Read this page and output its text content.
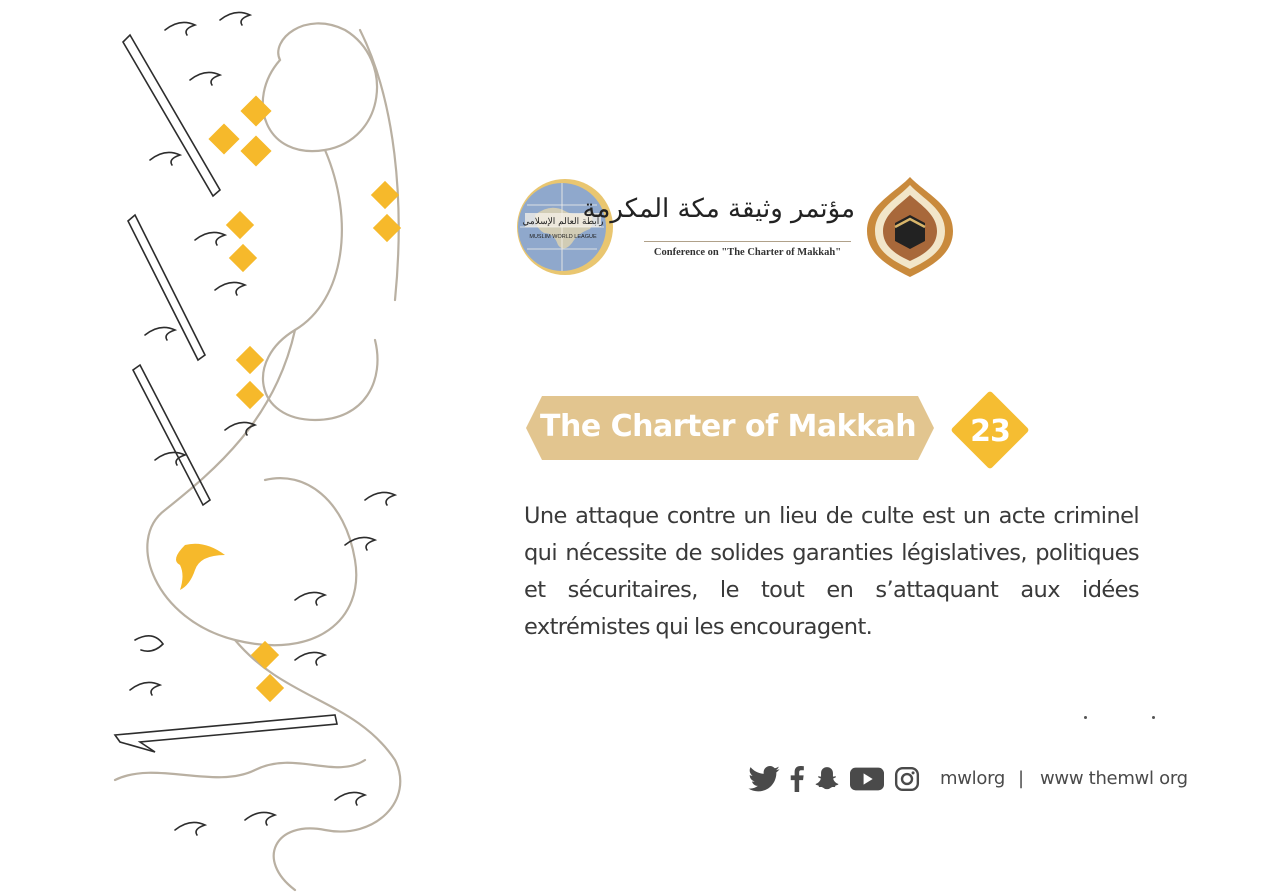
رابطة العالم الإسلامي
MUSLIM WORLD LEAGUE
مؤتمر وثيقة مكة المكرمة
Conference on "The Charter of Makkah"
The Charter of Makkah	23

Une attaque contre un lieu de culte est un acte criminel qui nécessite de solides garanties législatives, politiques et sécuritaires, le tout en s’attaquant aux idées extrémistes qui les encouragent.

mwlorg | www themwl org
